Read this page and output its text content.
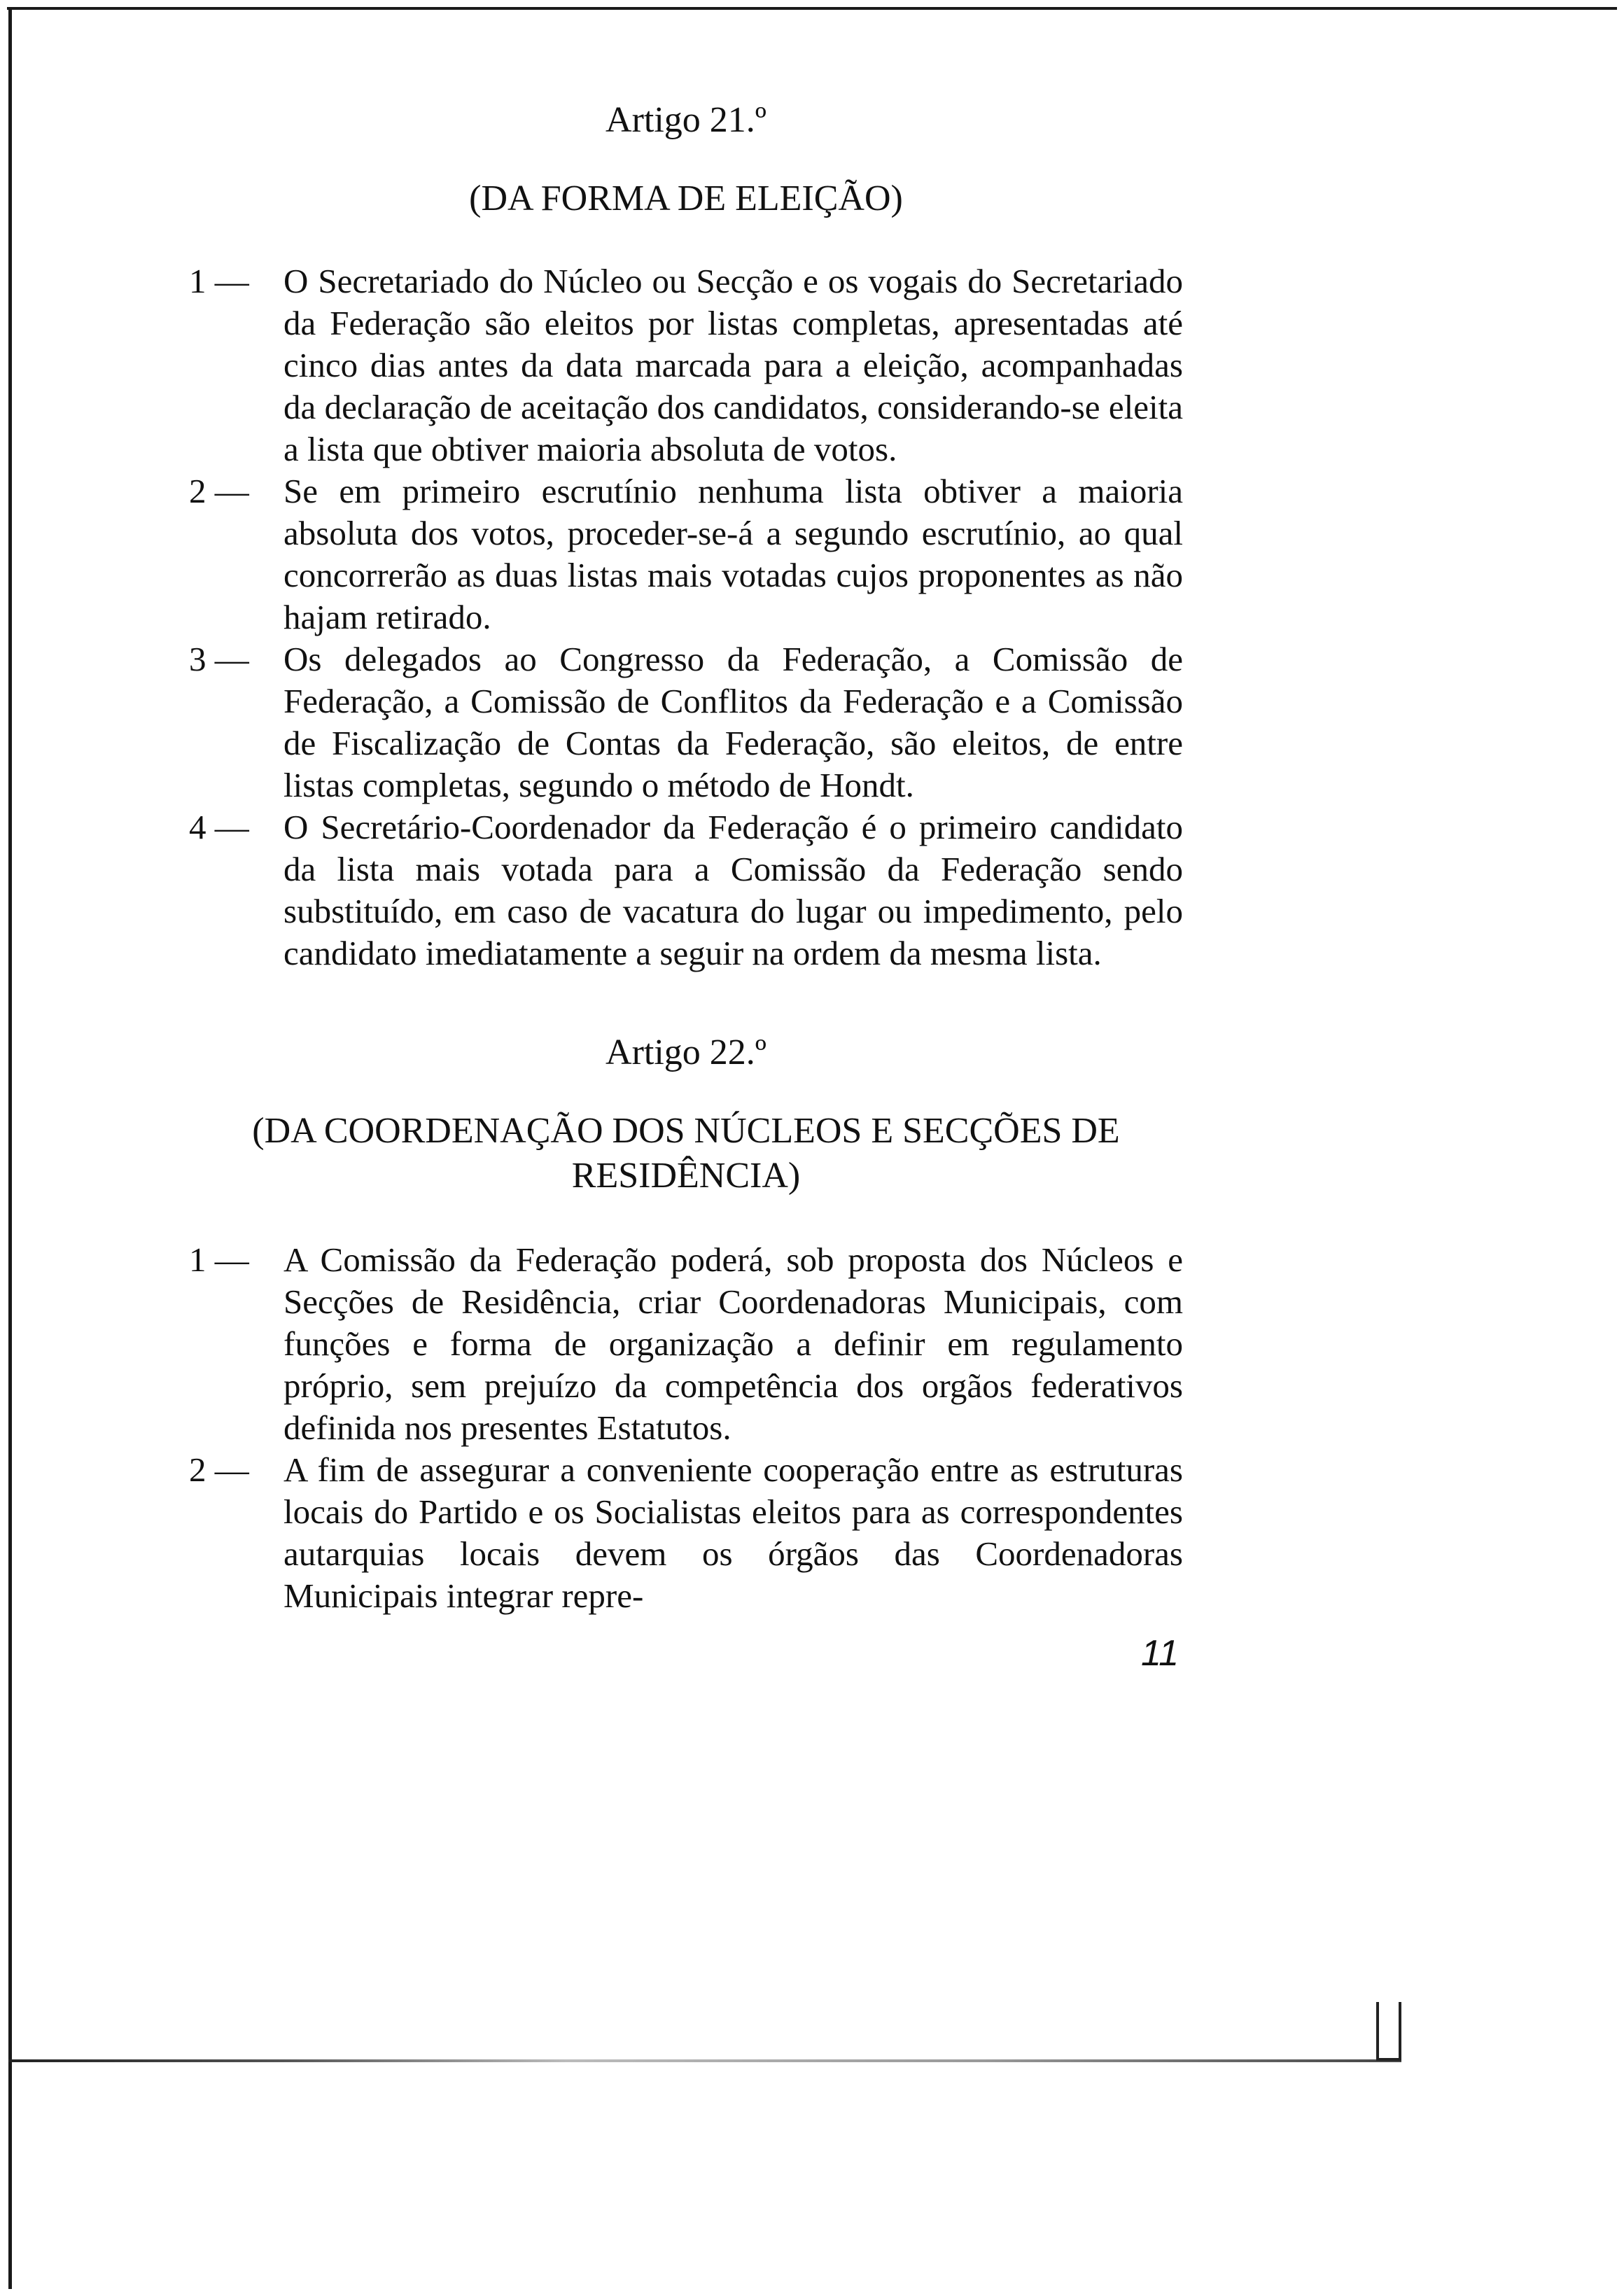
Artigo 21.º
(DA FORMA DE ELEIÇÃO)

1 —	O Secretariado do Núcleo ou Secção e os vogais do Secretariado da Federação são eleitos por listas completas, apresentadas até cinco dias antes da data marcada para a eleição, acompanhadas da declaração de aceitação dos candidatos, considerando-se eleita a lista que obtiver maioria absoluta de votos.

2 —	Se em primeiro escrutínio nenhuma lista obtiver a maioria absoluta dos votos, proceder-se-á a segundo escrutínio, ao qual concorrerão as duas listas mais votadas cujos proponentes as não hajam retirado.

3 —	Os delegados ao Congresso da Federação, a Comissão de Federação, a Comissão de Conflitos da Federação e a Comissão de Fiscalização de Contas da Federação, são eleitos, de entre listas completas, segundo o método de Hondt.

4 —	O Secretário-Coordenador da Federação é o primeiro candidato da lista mais votada para a Comissão da Federação sendo substituído, em caso de vacatura do lugar ou impedimento, pelo candidato imediatamente a seguir na ordem da mesma lista.

Artigo 22.º
(DA COORDENAÇÃO DOS NÚCLEOS E SECÇÕES DE
RESIDÊNCIA)

1 —	A Comissão da Federação poderá, sob proposta dos Núcleos e Secções de Residência, criar Coordenadoras Municipais, com funções e forma de organização a definir em regulamento próprio, sem prejuízo da competência dos orgãos federativos definida nos presentes Estatutos.

2 —	A fim de assegurar a conveniente cooperação entre as estruturas locais do Partido e os Socialistas eleitos para as correspondentes autarquias locais devem os órgãos das Coordenadoras Municipais integrar repre-

11
